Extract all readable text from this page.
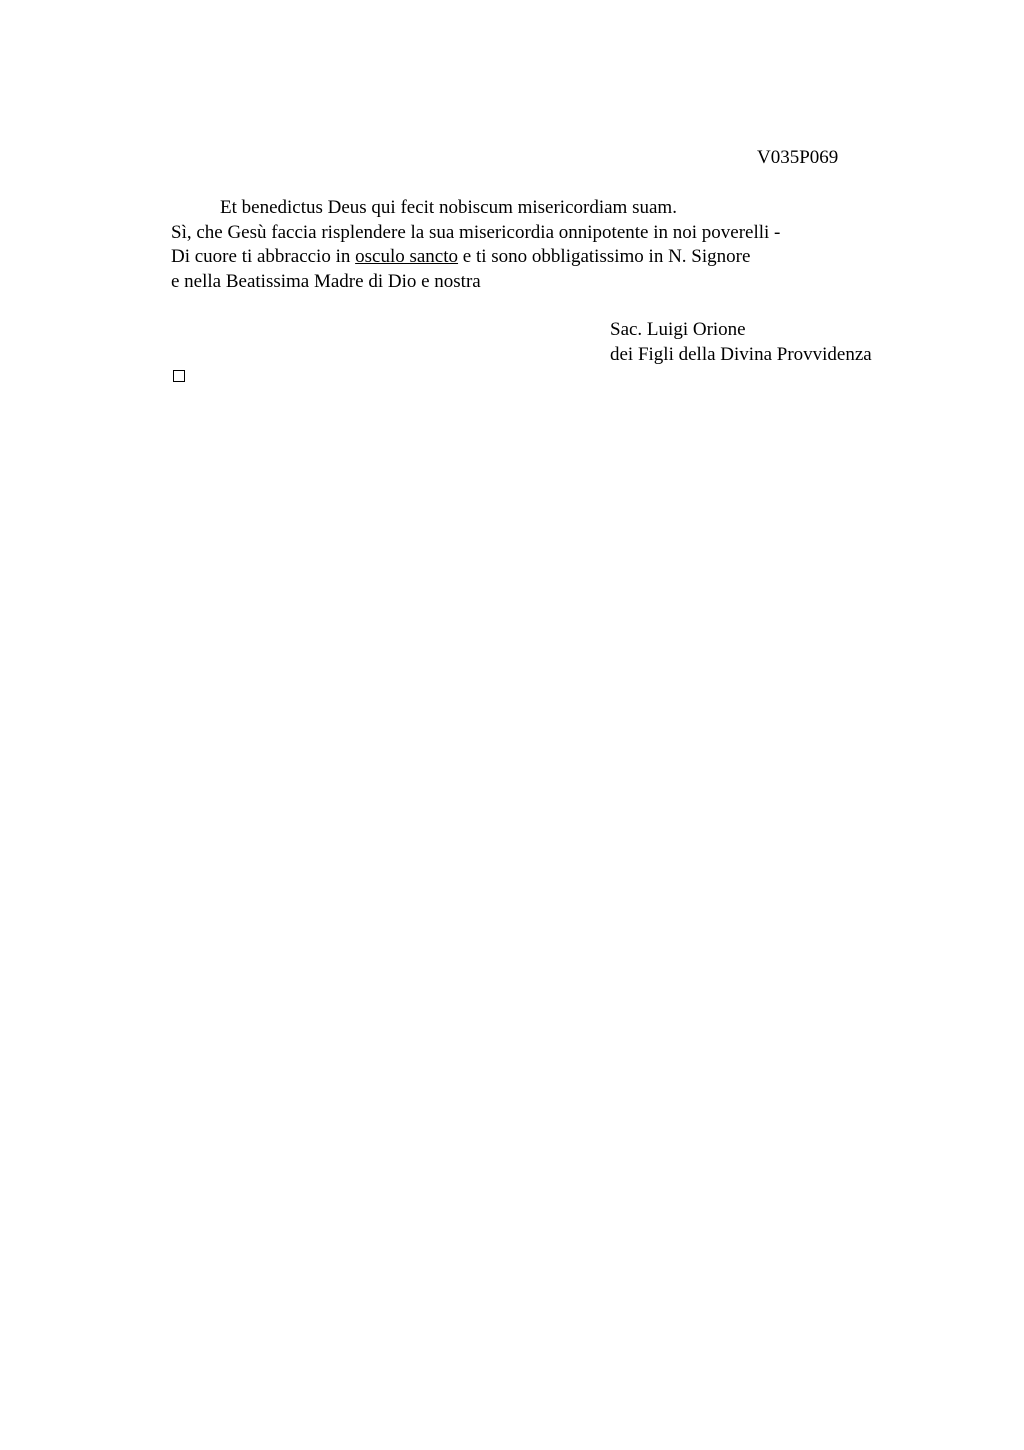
V035P069
Et benedictus Deus qui fecit nobiscum misericordiam suam.
Sì, che Gesù faccia risplendere la sua misericordia onnipotente in noi poverelli -
Di cuore ti abbraccio in osculo sancto e ti sono obbligatissimo in N. Signore
e nella Beatissima Madre di Dio e nostra
Sac. Luigi Orione
dei Figli della Divina Provvidenza
